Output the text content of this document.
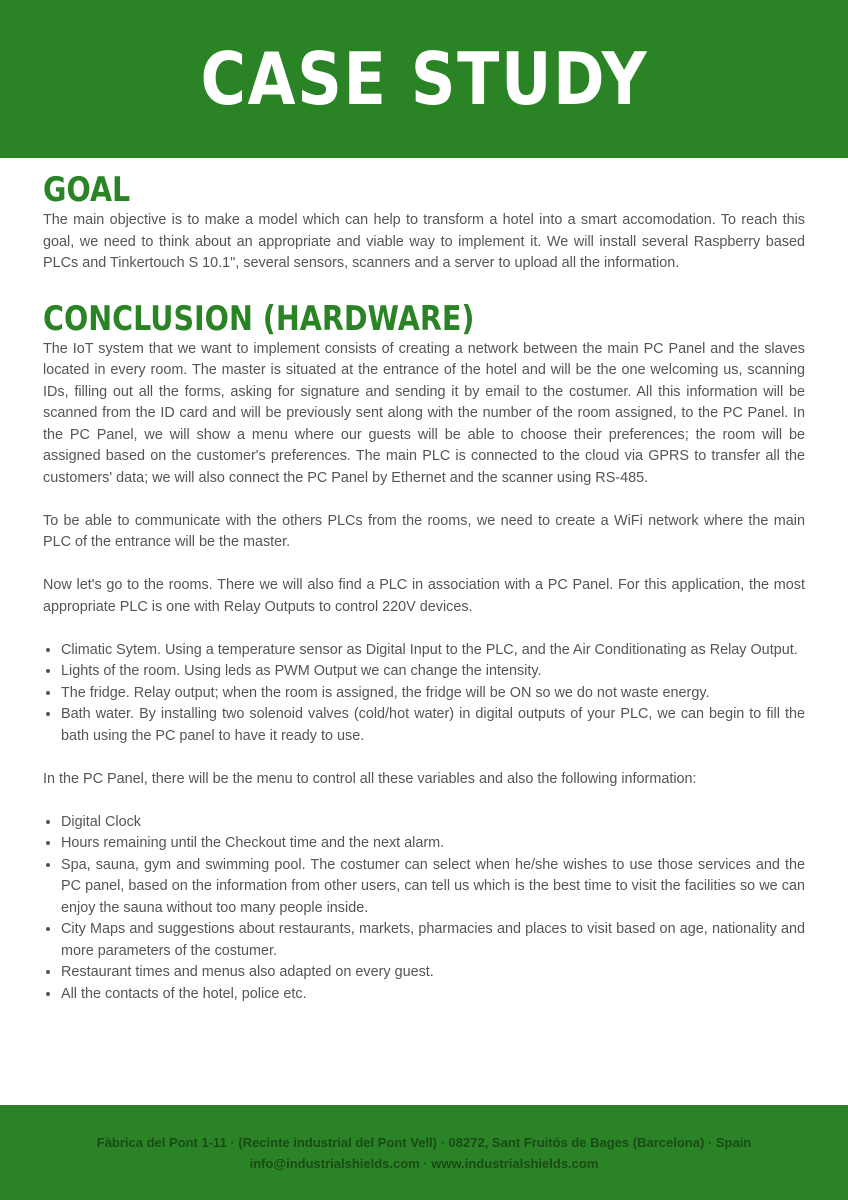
CASE STUDY
GOAL

The main objective is to make a model which can help to transform a hotel into a smart accomodation. To reach this goal, we need to think about an appropriate and viable way to implement it. We will install several Raspberry based PLCs and Tinkertouch S 10.1", several sensors, scanners and a server to upload all the information.

CONCLUSION (HARDWARE)

The IoT system that we want to implement consists of creating a network between the main PC Panel and the slaves located in every room. The master is situated at the entrance of the hotel and will be the one welcoming us, scanning IDs, filling out all the forms, asking for signature and sending it by email to the costumer. All this information will be scanned from the ID card and will be previously sent along with the number of the room assigned, to the PC Panel. In the PC Panel, we will show a menu where our guests will be able to choose their preferences; the room will be assigned based on the customer's preferences. The main PLC is connected to the cloud via GPRS to transfer all the customers' data; we will also connect the PC Panel by Ethernet and the scanner using RS-485.

To be able to communicate with the others PLCs from the rooms, we need to create a WiFi network where the main PLC of the entrance will be the master.

Now let's go to the rooms. There we will also find a PLC in association with a PC Panel. For this application, the most appropriate PLC is one with Relay Outputs to control 220V devices.

• Climatic Sytem. Using a temperature sensor as Digital Input to the PLC, and the Air Conditionating as Relay Output.
• Lights of the room. Using leds as PWM Output we can change the intensity.
• The fridge. Relay output; when the room is assigned, the fridge will be ON so we do not waste energy.
• Bath water. By installing two solenoid valves (cold/hot water) in digital outputs of your PLC, we can begin to fill the bath using the PC panel to have it ready to use.

In the PC Panel, there will be the menu to control all these variables and also the following information:

• Digital Clock
• Hours remaining until the Checkout time and the next alarm.
• Spa, sauna, gym and swimming pool. The costumer can select when he/she wishes to use those services and the PC panel, based on the information from other users, can tell us which is the best time to visit the facilities so we can enjoy the sauna without too many people inside.
• City Maps and suggestions about restaurants, markets, pharmacies and places to visit based on age, nationality and more parameters of the costumer.
• Restaurant times and menus also adapted on every guest.
• All the contacts of the hotel, police etc.
Fàbrica del Pont 1-11 · (Recinte industrial del Pont Vell) · 08272, Sant Fruitós de Bages (Barcelona) · Spain
info@industrialshields.com · www.industrialshields.com
